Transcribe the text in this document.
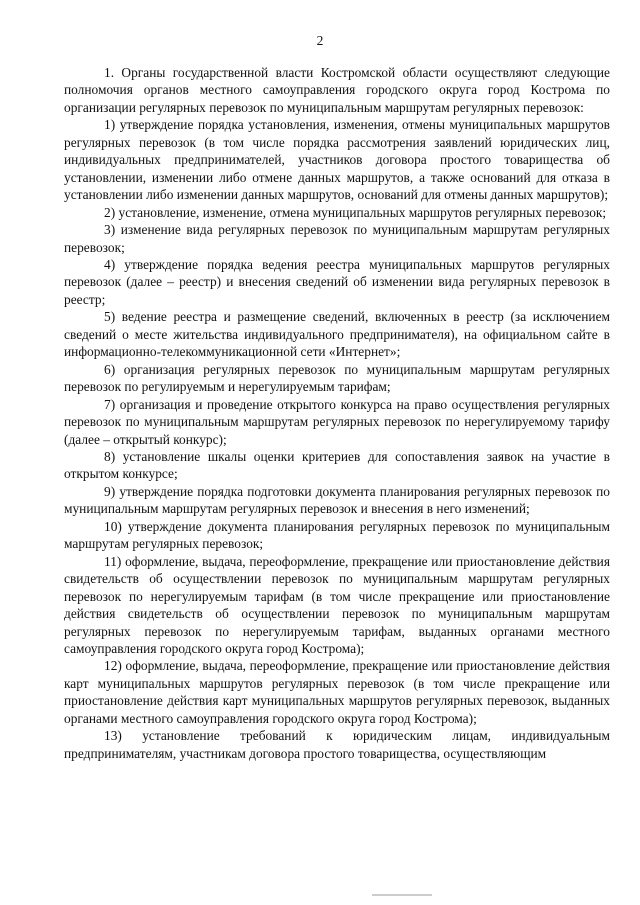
2

1. Органы государственной власти Костромской области осуществляют следующие полномочия органов местного самоуправления городского округа город Кострома по организации регулярных перевозок по муниципальным маршрутам регулярных перевозок:

1) утверждение порядка установления, изменения, отмены муниципальных маршрутов регулярных перевозок (в том числе порядка рассмотрения заявлений юридических лиц, индивидуальных предпринимателей, участников договора простого товарищества об установлении, изменении либо отмене данных маршрутов, а также оснований для отказа в установлении либо изменении данных маршрутов, оснований для отмены данных маршрутов);

2) установление, изменение, отмена муниципальных маршрутов регулярных перевозок;

3) изменение вида регулярных перевозок по муниципальным маршрутам регулярных перевозок;

4) утверждение порядка ведения реестра муниципальных маршрутов регулярных перевозок (далее – реестр) и внесения сведений об изменении вида регулярных перевозок в реестр;

5) ведение реестра и размещение сведений, включенных в реестр (за исключением сведений о месте жительства индивидуального предпринимателя), на официальном сайте в информационно-телекоммуникационной сети «Интернет»;

6) организация регулярных перевозок по муниципальным маршрутам регулярных перевозок по регулируемым и нерегулируемым тарифам;

7) организация и проведение открытого конкурса на право осуществления регулярных перевозок по муниципальным маршрутам регулярных перевозок по нерегулируемому тарифу (далее – открытый конкурс);

8) установление шкалы оценки критериев для сопоставления заявок на участие в открытом конкурсе;

9) утверждение порядка подготовки документа планирования регулярных перевозок по муниципальным маршрутам регулярных перевозок и внесения в него изменений;

10) утверждение документа планирования регулярных перевозок по муниципальным маршрутам регулярных перевозок;

11) оформление, выдача, переоформление, прекращение или приостановление действия свидетельств об осуществлении перевозок по муниципальным маршрутам регулярных перевозок по нерегулируемым тарифам (в том числе прекращение или приостановление действия свидетельств об осуществлении перевозок по муниципальным маршрутам регулярных перевозок по нерегулируемым тарифам, выданных органами местного самоуправления городского округа город Кострома);

12) оформление, выдача, переоформление, прекращение или приостановление действия карт муниципальных маршрутов регулярных перевозок (в том числе прекращение или приостановление действия карт муниципальных маршрутов регулярных перевозок, выданных органами местного самоуправления городского округа город Кострома);

13) установление требований к юридическим лицам, индивидуальным предпринимателям, участникам договора простого товарищества, осуществляющим
